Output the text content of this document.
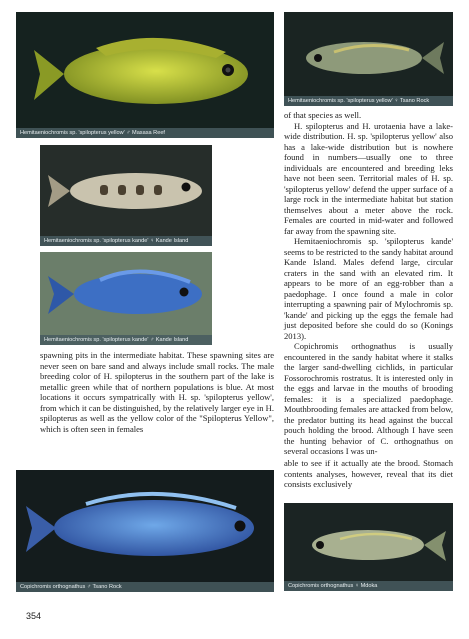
Hemitaeniochromis sp. 'spilopterus yellow' ♂ Masasa Reef
Hemitaeniochromis sp. 'spilopterus yellow' ♀ Tsano Rock
Hemitaeniochromis sp. 'spilopterus kande' ♀ Kande Island
Hemitaeniochromis sp. 'spilopterus kande' ♂ Kande Island
Copichromis orthognathus ♂ Tsano Rock	Copichromis orthognathus ♀ Mdoka

of that species as well.

H. spilopterus and H. urotaenia have a lake-wide distribution. H. sp. 'spilopterus yellow' also has a lake-wide distribution but is nowhere found in numbers—usually one to three individuals are encountered and breeding leks have not been seen. Territorial males of H. sp. 'spilopterus yellow' defend the upper surface of a large rock in the intermediate habitat but station themselves about a meter above the rock. Females are courted in mid-water and followed far away from the spawning site.

Hemitaeniochromis sp. 'spilopterus kande' seems to be restricted to the sandy habitat around Kande Island. Males defend large, circular craters in the sand with an elevated rim. It appears to be more of an egg-robber than a paedophage. I once found a male in color interrupting a spawning pair of Mylochromis sp. 'kande' and picking up the eggs the female had just deposited before she could do so (Konings 2013).

Copichromis orthognathus is usually encountered in the sandy habitat where it stalks the larger sand-dwelling cichlids, in particular Fossorochromis rostratus. It is interested only in the eggs and larvae in the mouths of brooding females: it is a specialized paedophage. Mouthbrooding females are attacked from below, the predator butting its head against the buccal pouch holding the brood. Although I have seen the hunting behavior of C. orthognathus on several occasions I was un-

able to see if it actually ate the brood. Stomach contents analyses, however, reveal that its diet consists exclusively

spawning pits in the intermediate habitat. These spawning sites are never seen on bare sand and always include small rocks. The male breeding color of H. spilopterus in the southern part of the lake is metallic green while that of northern populations is blue. At most locations it occurs sympatrically with H. sp. 'spilopterus yellow', from which it can be distinguished, by the relatively larger eye in H. spilopterus as well as the yellow color of the "Spilopterus Yellow", which is often seen in females

354
